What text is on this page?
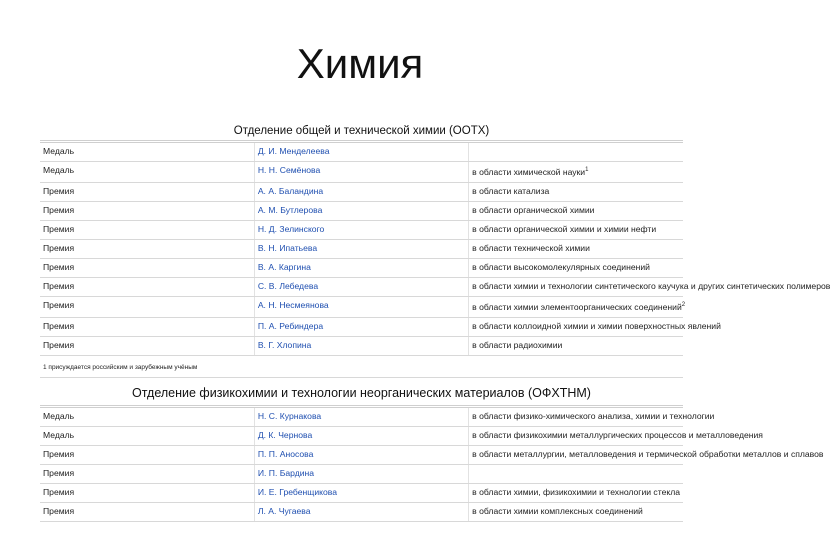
Химия
Отделение общей и технической химии (ООТХ)		
Медаль	Д. И. Менделеева	
Медаль	Н. Н. Семёнова	в области химической науки$^1$
Премия	А. А. Баландина	в области катализа
Премия	А. М. Бутлерова	в области органической химии
Премия	Н. Д. Зелинского	в области органической химии и химии нефти
Премия	В. Н. Ипатьева	в области технической химии
Премия	В. А. Каргина	в области высокомолекулярных соединений
Премия	С. В. Лебедева	в области химии и технологии синтетического каучука и других синтетических полимеров
Премия	А. Н. Несмеянова	в области химии элементоорганических соединений$^2$
Премия	П. А. Ребиндера	в области коллоидной химии и химии поверхностных явлений
Премия	В. Г. Хлопина	в области радиохимии
1 присуждается российским и зарубежным учёным		
Отделение физикохимии и технологии неорганических материалов (ОФХТНМ)		
Медаль	Н. С. Курнакова	в области физико-химического анализа, химии и технологии
Медаль	Д. К. Чернова	в области физикохимии металлургических процессов и металловедения
Премия	П. П. Аносова	в области металлургии, металловедения и термической обработки металлов и сплавов
Премия	И. П. Бардина	
Премия	И. Е. Гребенщикова	в области химии, физикохимии и технологии стекла
Премия	Л. А. Чугаева	в области химии комплексных соединений
